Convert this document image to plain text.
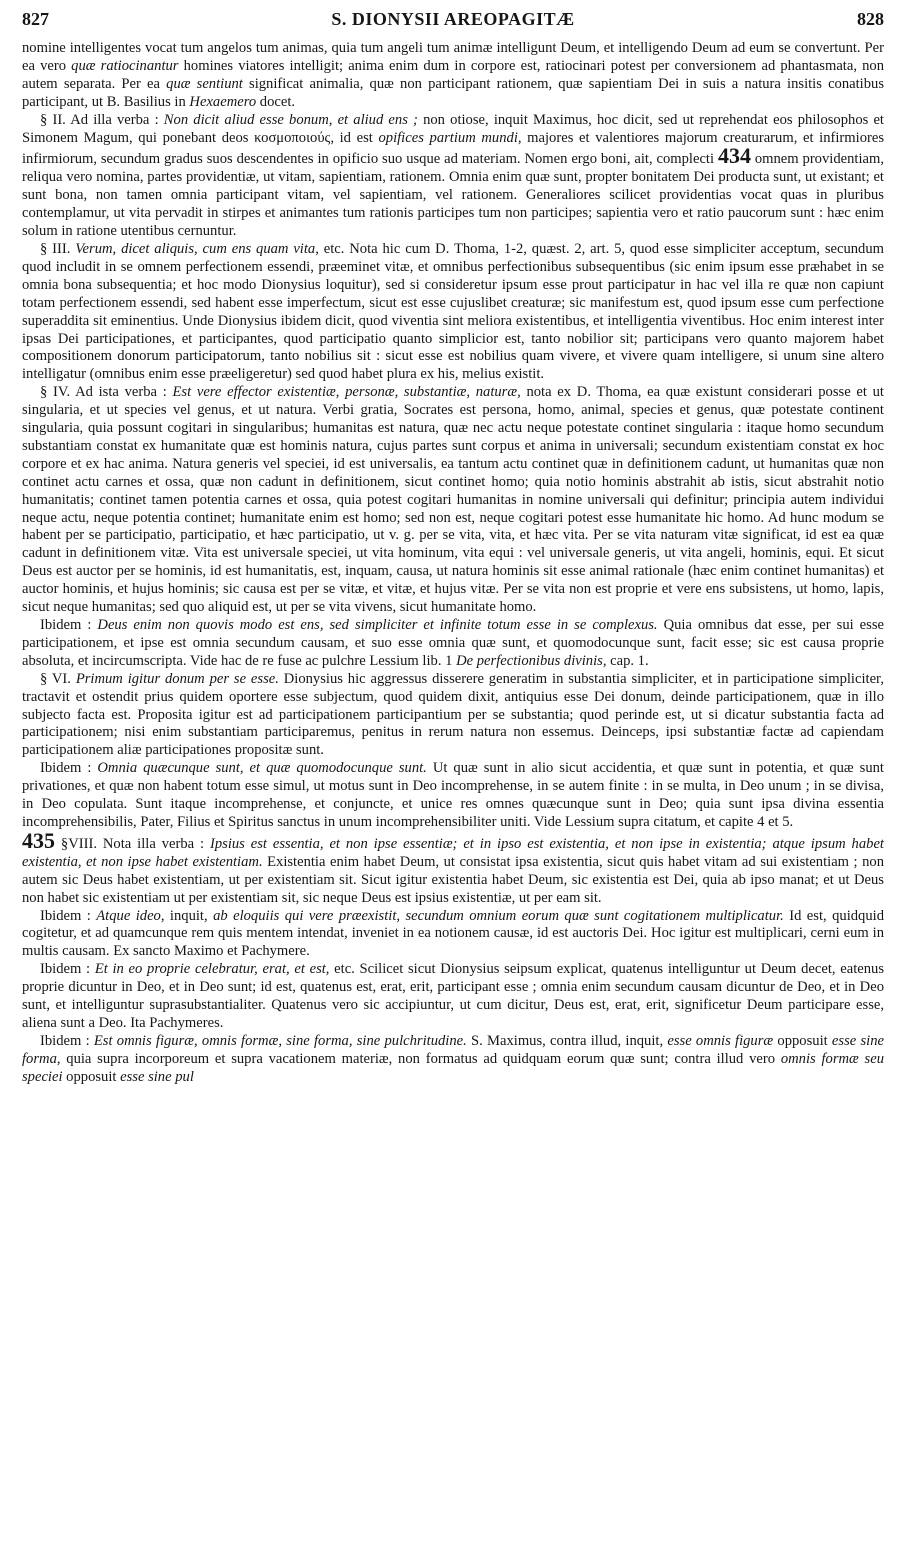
827	S. DIONYSII AREOPAGITÆ	828

nomine intelligentes vocat tum angelos tum animas, quia tum angeli tum animæ intelligunt Deum, et intelligendo Deum ad eum se convertunt. Per ea vero quæ ratiocinantur homines viatores intelligit; anima enim dum in corpore est, ratiocinari potest per conversionem ad phantasmata, non autem separata. Per ea quæ sentiunt significat animalia, quæ non participant rationem, quæ sapientiam Dei in suis a natura insitis conatibus participant, ut B. Basilius in Hexaemero docet.

§ II. Ad illa verba : Non dicit aliud esse bonum, et aliud ens ; non otiose, inquit Maximus, hoc dicit, sed ut reprehendat eos philosophos et Simonem Magum, qui ponebant deos κοσμοποιούς, id est opifices partium mundi, majores et valentiores majorum creaturarum, et infirmiores infirmiorum, secundum gradus suos descendentes in opificio suo usque ad materiam. Nomen ergo boni, ait, complecti 434 omnem providentiam, reliqua vero nomina, partes providentiæ, ut vitam, sapientiam, rationem. Omnia enim quæ sunt, propter bonitatem Dei producta sunt, ut existant; et sunt bona, non tamen omnia participant vitam, vel sapientiam, vel rationem. Generaliores scilicet providentias vocat quas in pluribus contemplamur, ut vita pervadit in stirpes et animantes tum rationis participes tum non participes; sapientia vero et ratio paucorum sunt : hæc enim solum in ratione utentibus cernuntur.

§ III. Verum, dicet aliquis, cum ens quam vita, etc. Nota hic cum D. Thoma, 1-2, quæst. 2, art. 5, quod esse simpliciter acceptum, secundum quod includit in se omnem perfectionem essendi, præeminet vitæ, et omnibus perfectionibus subsequentibus (sic enim ipsum esse præhabet in se omnia bona subsequentia; et hoc modo Dionysius loquitur), sed si consideretur ipsum esse prout participatur in hac vel illa re quæ non capiunt totam perfectionem essendi, sed habent esse imperfectum, sicut est esse cujuslibet creaturæ; sic manifestum est, quod ipsum esse cum perfectione superaddita sit eminentius. Unde Dionysius ibidem dicit, quod viventia sint meliora existentibus, et intelligentia viventibus. Hoc enim interest inter ipsas Dei participationes, et participantes, quod participatio quanto simplicior est, tanto nobilior sit; participans vero quanto majorem habet compositionem donorum participatorum, tanto nobilius sit : sicut esse est nobilius quam vivere, et vivere quam intelligere, si unum sine altero intelligatur (omnibus enim esse præeligeretur) sed quod habet plura ex his, melius existit.

§ IV. Ad ista verba : Est vere effector existentiæ, personæ, substantiæ, naturæ, nota ex D. Thoma, ea quæ existunt considerari posse et ut singularia, et ut species vel genus, et ut natura. Verbi gratia, Socrates est persona, homo, animal, species et genus, quæ potestate continent singularia, quia possunt cogitari in singularibus; humanitas est natura, quæ nec actu neque potestate continet singularia : itaque homo secundum substantiam constat ex humanitate quæ est hominis natura, cujus partes sunt corpus et anima in universali; secundum existentiam constat ex hoc corpore et ex hac anima. Natura generis vel speciei, id est universalis, ea tantum actu continet quæ in definitionem cadunt, ut humanitas quæ non continet actu carnes et ossa, quæ non cadunt in definitionem, sicut continet homo; quia notio hominis abstrahit ab istis, sicut abstrahit notio humanitatis; continet tamen potentia carnes et ossa, quia potest cogitari humanitas in nomine universali qui definitur; principia autem individui neque actu, neque potentia continet; humanitate enim est homo; sed non est, neque cogitari potest esse humanitate hic homo. Ad hunc modum se habent per se participatio, participatio, et hæc participatio, ut v. g. per se vita, vita, et hæc vita. Per se vita naturam vitæ significat, id est ea quæ cadunt in definitionem vitæ. Vita est universale speciei, ut vita hominum, vita equi : vel universale generis, ut vita angeli, hominis, equi. Et sicut Deus est auctor per se hominis, id est humanitatis, est, inquam, causa, ut natura hominis sit esse animal rationale (hæc enim continet humanitas) et auctor hominis, et hujus hominis; sic causa est per se vitæ, et vitæ, et hujus vitæ. Per se vita non est proprie et vere ens subsistens, ut homo, lapis, sicut neque humanitas; sed quo aliquid est, ut per se vita vivens, sicut humanitate homo.

Ibidem : Deus enim non quovis modo est ens, sed simpliciter et infinite totum esse in se complexus. Quia omnibus dat esse, per sui esse participationem, et ipse est omnia secundum causam, et suo esse omnia quæ sunt, et quomodocunque sunt, facit esse; sic est causa proprie absoluta, et incircumscripta. Vide hac de re fuse ac pulchre Lessium lib. 1 De perfectionibus divinis, cap. 1.

§ VI. Primum igitur donum per se esse. Dionysius hic aggressus disserere generatim in substantia simpliciter, et in participatione simpliciter, tractavit et ostendit prius quidem oportere esse subjectum, quod quidem dixit, antiquius esse Dei donum, deinde participationem, quæ in illo subjecto facta est. Proposita igitur est ad participationem participantium per se substantia; quod perinde est, ut si dicatur substantia facta ad participationem; nisi enim substantiam participaremus, penitus in rerum natura non essemus. Deinceps, ipsi substantiæ factæ ad capiendam participationem aliæ participationes propositæ sunt.

Ibidem : Omnia quæcunque sunt, et quæ quomodocunque sunt. Ut quæ sunt in alio sicut accidentia, et quæ sunt in potentia, et quæ sunt privationes, et quæ non habent totum esse simul, ut motus sunt in Deo incomprehense, in se autem finite : in se multa, in Deo unum ; in se divisa, in Deo copulata. Sunt itaque incomprehense, et conjuncte, et unice res omnes quæcunque sunt in Deo; quia sunt ipsa divina essentia incomprehensibilis, Pater, Filius et Spiritus sanctus in unum incomprehensibiliter uniti. Vide Lessium supra citatum, et capite 4 et 5.

435 §VIII. Nota illa verba : Ipsius est essentia, et non ipse essentiæ; et in ipso est existentia, et non ipse in existentia; atque ipsum habet existentia, et non ipse habet existentiam. Existentia enim habet Deum, ut consistat ipsa existentia, sicut quis habet vitam ad sui existentiam ; non autem sic Deus habet existentiam, ut per existentiam sit. Sicut igitur existentia habet Deum, sic existentia est Dei, quia ab ipso manat; et ut Deus non habet sic existentiam ut per existentiam sit, sic neque Deus est ipsius existentiæ, ut per eam sit.

Ibidem : Atque ideo, inquit, ab eloquiis qui vere præexistit, secundum omnium eorum quæ sunt cogitationem multiplicatur. Id est, quidquid cogitetur, et ad quamcunque rem quis mentem intendat, inveniet in ea notionem causæ, id est auctoris Dei. Hoc igitur est multiplicari, cerni eum in multis causam. Ex sancto Maximo et Pachymere.

Ibidem : Et in eo proprie celebratur, erat, et est, etc. Scilicet sicut Dionysius seipsum explicat, quatenus intelliguntur ut Deum decet, eatenus proprie dicuntur in Deo, et in Deo sunt; id est, quatenus est, erat, erit, participant esse ; omnia enim secundum causam dicuntur de Deo, et in Deo sunt, et intelliguntur suprasubstantialiter. Quatenus vero sic accipiuntur, ut cum dicitur, Deus est, erat, erit, significetur Deum participare esse, aliena sunt a Deo. Ita Pachymeres.

Ibidem : Est omnis figuræ, omnis formæ, sine forma, sine pulchritudine. S. Maximus, contra illud, inquit, esse omnis figuræ opposuit esse sine forma, quia supra incorporeum et supra vacationem materiæ, non formatus ad quidquam eorum quæ sunt; contra illud vero omnis formæ seu speciei opposuit esse sine pul
